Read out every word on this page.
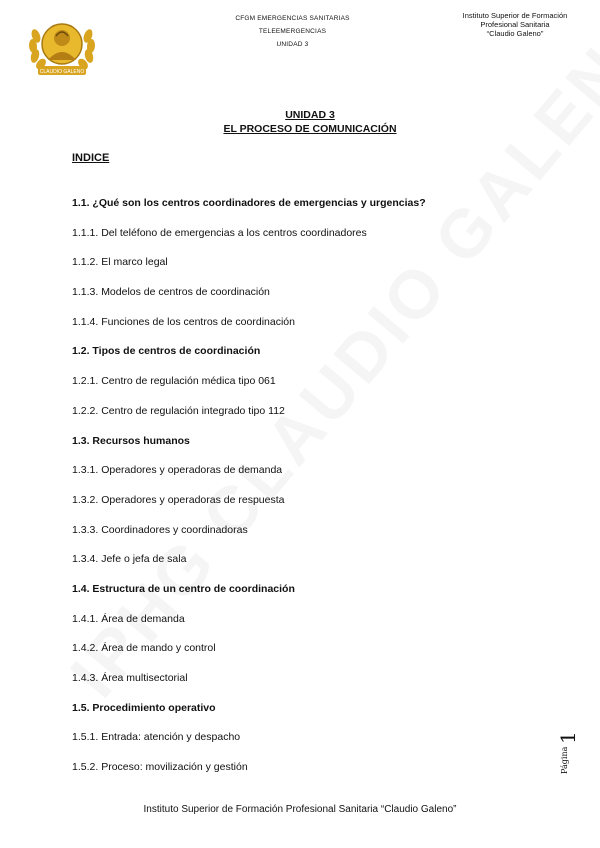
CLAUDIO GALENO
CFGM EMERGENCIAS SANITARIAS
TELEEMERGENCIAS
UNIDAD 3
Instituto Superior de Formación
Profesional Sanitaria
“Claudio Galeno”
UNIDAD 3
EL PROCESO DE COMUNICACIÓN
INDICE
1.1. ¿Qué son los centros coordinadores de emergencias y urgencias?
1.1.1. Del teléfono de emergencias a los centros coordinadores
1.1.2. El marco legal
1.1.3. Modelos de centros de coordinación
1.1.4. Funciones de los centros de coordinación
1.2. Tipos de centros de coordinación
1.2.1. Centro de regulación médica tipo 061
1.2.2. Centro de regulación integrado tipo 112
1.3. Recursos humanos
1.3.1. Operadores y operadoras de demanda
1.3.2. Operadores y operadoras de respuesta
1.3.3. Coordinadores y coordinadoras
1.3.4. Jefe o jefa de sala
1.4. Estructura de un centro de coordinación
1.4.1. Área de demanda
1.4.2. Área de mando y control
1.4.3. Área multisectorial
1.5. Procedimiento operativo
1.5.1. Entrada: atención y despacho
1.5.2. Proceso: movilización y gestión
1
Página
Instituto Superior de Formación Profesional Sanitaria “Claudio Galeno”
